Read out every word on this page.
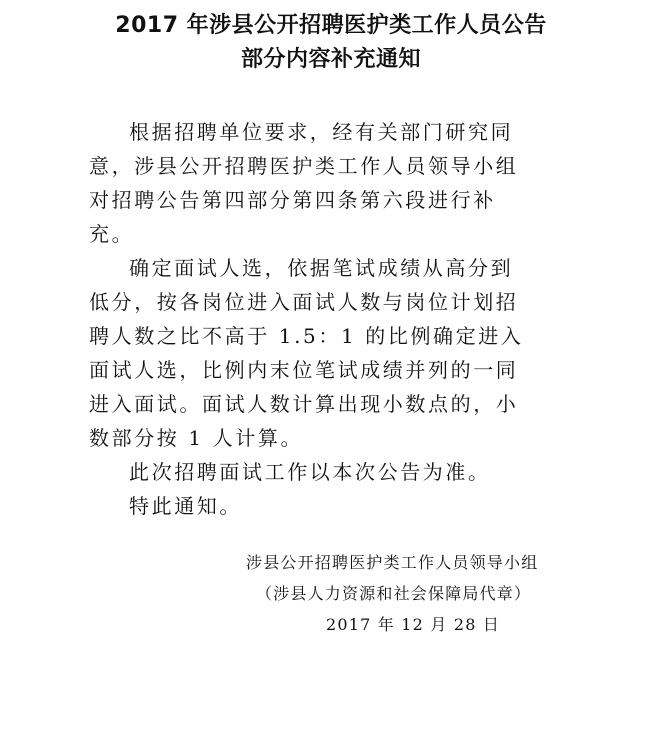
2017 年涉县公开招聘医护类工作人员公告
部分内容补充通知

根据招聘单位要求，经有关部门研究同

意，涉县公开招聘医护类工作人员领导小组

对招聘公告第四部分第四条第六段进行补

充。

确定面试人选，依据笔试成绩从高分到

低分，按各岗位进入面试人数与岗位计划招

聘人数之比不高于 1.5：1 的比例确定进入

面试人选，比例内末位笔试成绩并列的一同

进入面试。面试人数计算出现小数点的，小

数部分按 1 人计算。

此次招聘面试工作以本次公告为准。

特此通知。

涉县公开招聘医护类工作人员领导小组

（涉县人力资源和社会保障局代章）

2017 年 12 月 28 日
